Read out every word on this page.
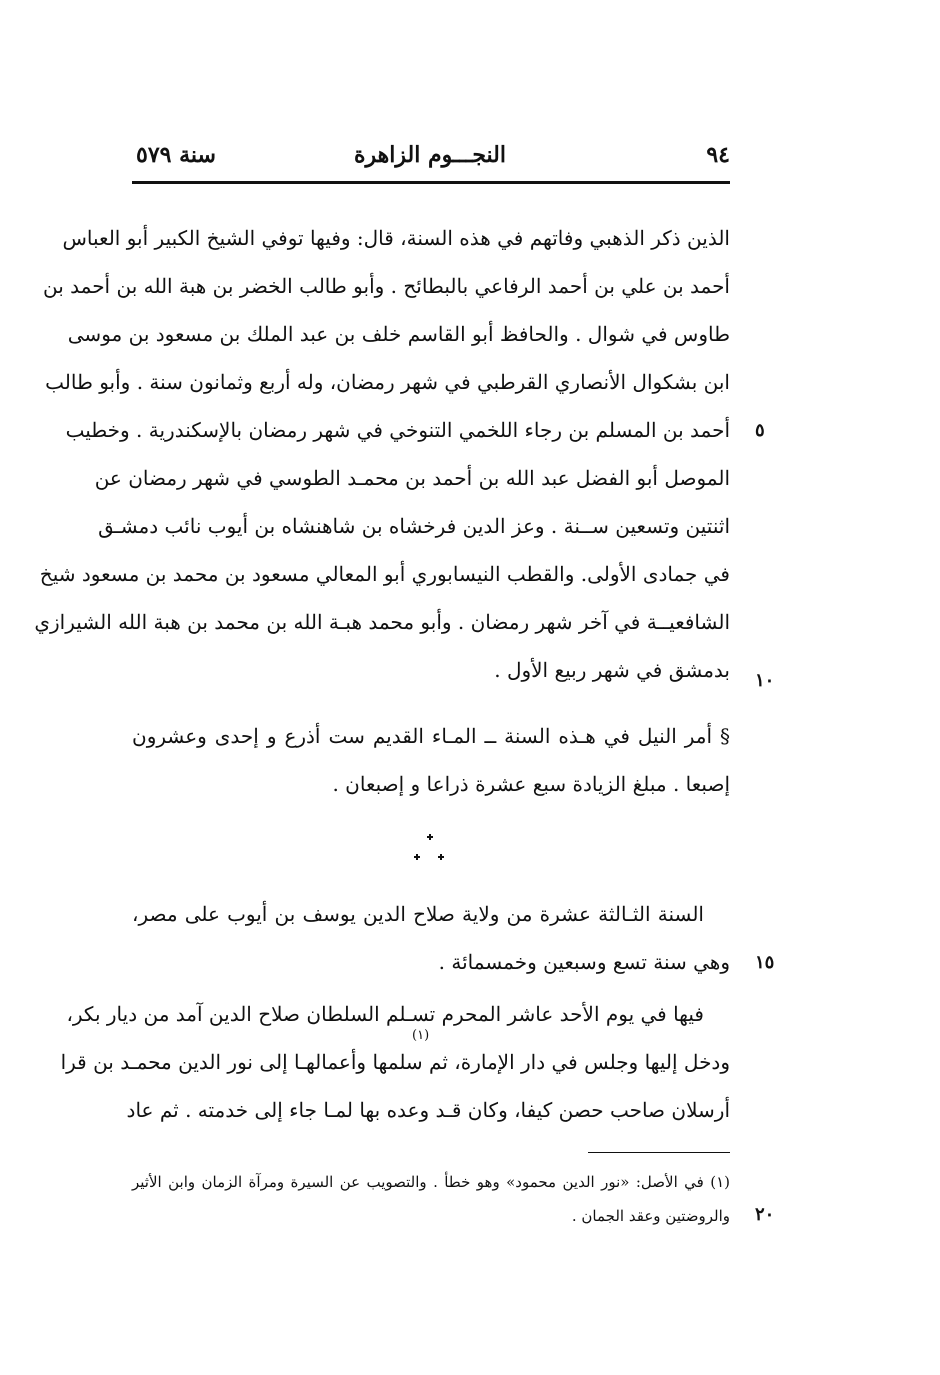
٩٤
النجـــوم الزاهرة
سنة ٥٧٩
الذين ذكر الذهبي وفاتهم في هذه السنة، قال: وفيها توفي الشيخ الكبير أبو العباس
أحمد بن علي بن أحمد الرفاعي بالبطائح . وأبو طالب الخضر بن هبة الله بن أحمد بن
طاوس في شوال . والحافظ أبو القاسم خلف بن عبد الملك بن مسعود بن موسى
ابن بشكوال الأنصاري القرطبي في شهر رمضان، وله أربع وثمانون سنة . وأبو طالب
أحمد بن المسلم بن رجاء اللخمي التنوخي في شهر رمضان بالإسكندرية . وخطيب
الموصل أبو الفضل عبد الله بن أحمد بن محمـد الطوسي في شهر رمضان عن
اثنتين وتسعين ســنة . وعز الدين فرخشاه بن شاهنشاه بن أيوب نائب دمشـق
في جمادى الأولى. والقطب النيسابوري أبو المعالي مسعود بن محمد بن مسعود شيخ
الشافعيــة في آخر شهر رمضان . وأبو محمد هبـة الله بن محمد بن هبة الله الشيرازي
بدمشق في شهر ربيع الأول .
§ أمر النيل في هـذه السنة ــ المـاء القديم ست أذرع و إحدى وعشرون
إصبعا . مبلغ الزيادة سبع عشرة ذراعا و إصبعان .
السنة الثـالثة عشرة من ولاية صلاح الدين يوسف بن أيوب على مصر،
وهي سنة تسع وسبعين وخمسمائة .
فيها في يوم الأحد عاشر المحرم تسـلم السلطان صلاح الدين آمد من ديار بكر،
ودخل إليها وجلس في دار الإمارة، ثم سلمها وأعمالهـا إلى نور الدين محمـد بن قرا
أرسلان صاحب حصن كيفا، وكان قـد وعده بها لمـا جاء إلى خدمته . ثم عاد
(١)
(١) في الأصل: «نور الدين محمود» وهو خطأ . والتصويب عن السيرة ومرآة الزمان وابن الأثير
والروضتين وعقد الجمان .
٥
١٠
١٥
٢٠
